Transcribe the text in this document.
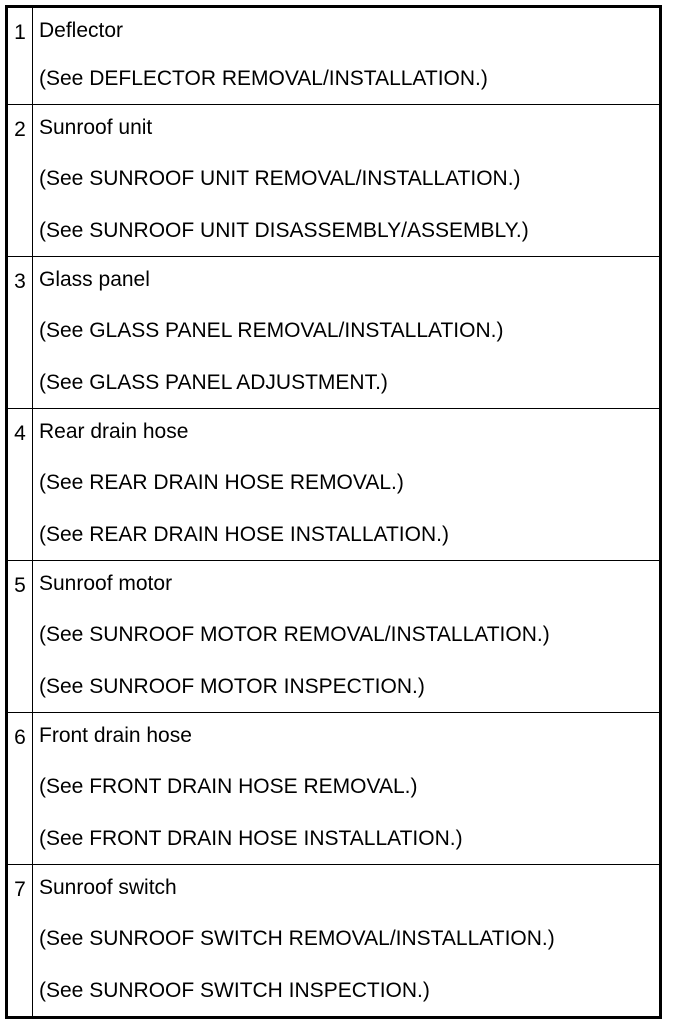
1	Deflector
(See DEFLECTOR REMOVAL/INSTALLATION.)

2	Sunroof unit
(See SUNROOF UNIT REMOVAL/INSTALLATION.)
(See SUNROOF UNIT DISASSEMBLY/ASSEMBLY.)

3	Glass panel
(See GLASS PANEL REMOVAL/INSTALLATION.)
(See GLASS PANEL ADJUSTMENT.)

4	Rear drain hose
(See REAR DRAIN HOSE REMOVAL.)
(See REAR DRAIN HOSE INSTALLATION.)

5	Sunroof motor
(See SUNROOF MOTOR REMOVAL/INSTALLATION.)
(See SUNROOF MOTOR INSPECTION.)

6	Front drain hose
(See FRONT DRAIN HOSE REMOVAL.)
(See FRONT DRAIN HOSE INSTALLATION.)

7	Sunroof switch
(See SUNROOF SWITCH REMOVAL/INSTALLATION.)
(See SUNROOF SWITCH INSPECTION.)
